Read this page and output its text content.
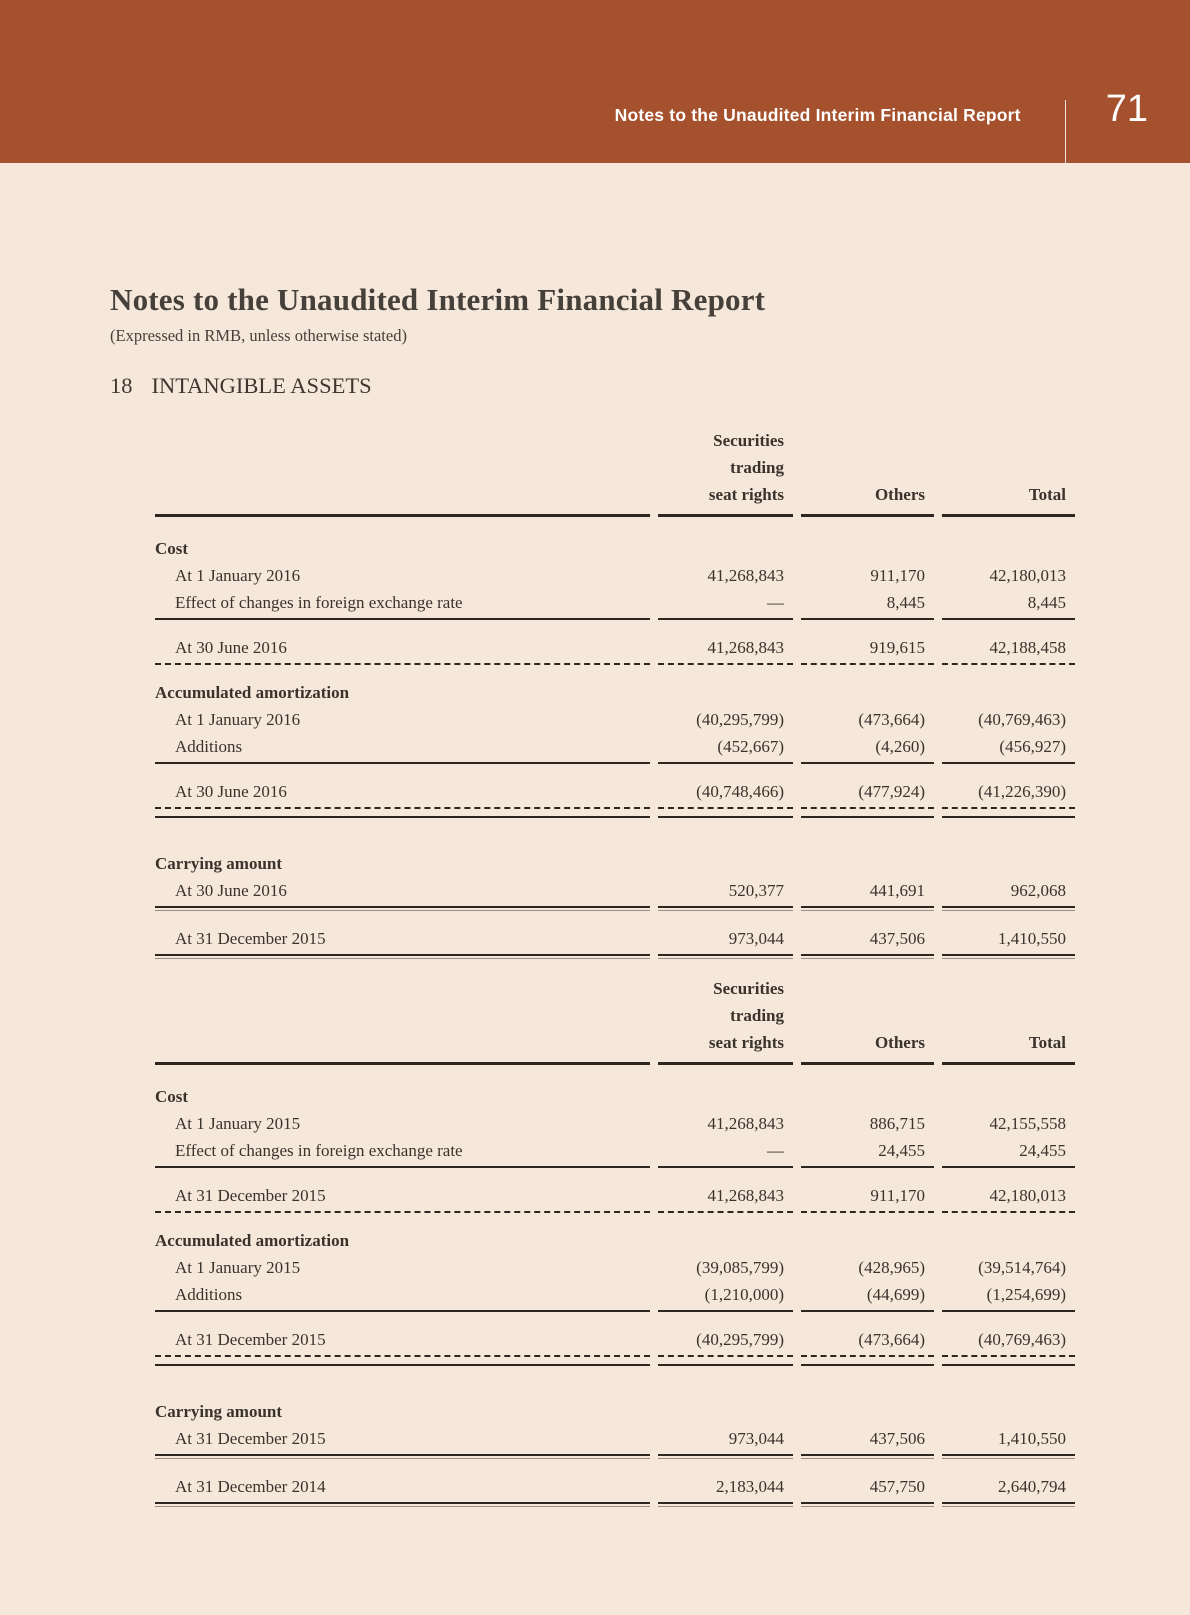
Notes to the Unaudited Interim Financial Report 71
Notes to the Unaudited Interim Financial Report

(Expressed in RMB, unless otherwise stated)

18 INTANGIBLE ASSETS
Securities
trading
seat rights	Others	Total
Cost
At 1 January 2016	41,268,843	911,170	42,180,013
Effect of changes in foreign exchange rate	—	8,445	8,445
At 30 June 2016	41,268,843	919,615	42,188,458
Accumulated amortization
At 1 January 2016	(40,295,799)	(473,664)	(40,769,463)
Additions	(452,667)	(4,260)	(456,927)
At 30 June 2016	(40,748,466)	(477,924)	(41,226,390)
Carrying amount
At 30 June 2016	520,377	441,691	962,068
At 31 December 2015	973,044	437,506	1,410,550
Securities
trading
seat rights	Others	Total
Cost
At 1 January 2015	41,268,843	886,715	42,155,558
Effect of changes in foreign exchange rate	—	24,455	24,455
At 31 December 2015	41,268,843	911,170	42,180,013
Accumulated amortization
At 1 January 2015	(39,085,799)	(428,965)	(39,514,764)
Additions	(1,210,000)	(44,699)	(1,254,699)
At 31 December 2015	(40,295,799)	(473,664)	(40,769,463)
Carrying amount
At 31 December 2015	973,044	437,506	1,410,550
At 31 December 2014	2,183,044	457,750	2,640,794
